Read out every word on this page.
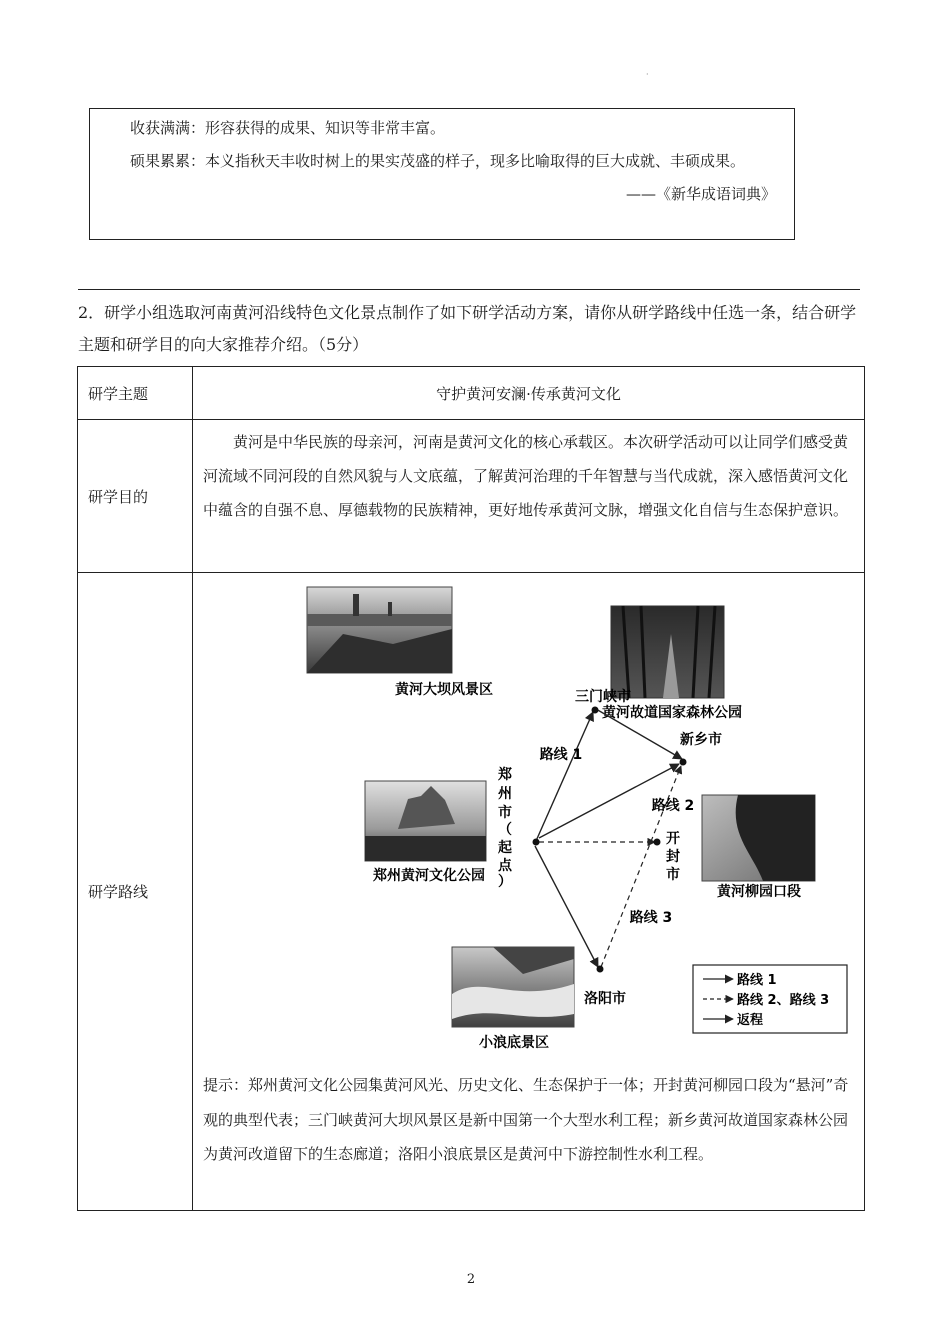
·

收获满满：形容获得的成果、知识等非常丰富。

硕果累累：本义指秋天丰收时树上的果实茂盛的样子，现多比喻取得的巨大成就、丰硕成果。

——《新华成语词典》

2．研学小组选取河南黄河沿线特色文化景点制作了如下研学活动方案，请你从研学路线中任选一条，结合研学主题和研学目的向大家推荐介绍。（5分）

研学主题	守护黄河安澜·传承黄河文化
研学目的

黄河是中华民族的母亲河，河南是黄河文化的核心承载区。本次研学活动可以让同学们感受黄河流域不同河段的自然风貌与人文底蕴，了解黄河治理的千年智慧与当代成就，深入感悟黄河文化中蕴含的自强不息、厚德载物的民族精神，更好地传承黄河文脉，增强文化自信与生态保护意识。

研学路线
黄河大坝风景区
黄河故道国家森林公园
郑州黄河文化公园
黄河柳园口段
小浪底景区
三门峡市
新乡市
洛阳市
郑
州
市
（
起
点
）
开
封
市
路线 1
路线 2
路线 3
路线 1
路线 2、路线 3
返程

提示：郑州黄河文化公园集黄河风光、历史文化、生态保护于一体；开封黄河柳园口段为“悬河”奇观的典型代表；三门峡黄河大坝风景区是新中国第一个大型水利工程；新乡黄河故道国家森林公园为黄河改道留下的生态廊道；洛阳小浪底景区是黄河中下游控制性水利工程。

2
